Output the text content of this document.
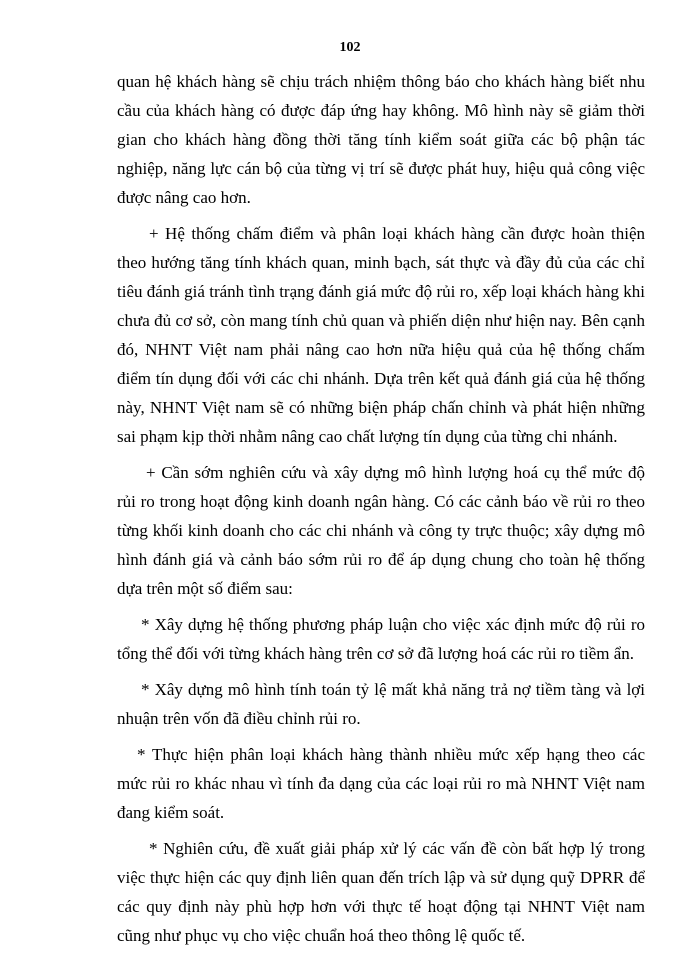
102

quan hệ khách hàng sẽ chịu trách nhiệm thông báo cho khách hàng biết nhu cầu của khách hàng có được đáp ứng hay không. Mô hình này sẽ giảm thời gian cho khách hàng đồng thời tăng tính kiểm soát giữa các bộ phận tác nghiệp, năng lực cán bộ của từng vị trí sẽ được phát huy, hiệu quả công việc được nâng cao hơn.

+ Hệ thống chấm điểm và phân loại khách hàng cần được hoàn thiện theo hướng tăng tính khách quan, minh bạch, sát thực và đầy đủ của các chỉ tiêu đánh giá tránh tình trạng đánh giá mức độ rủi ro, xếp loại khách hàng khi chưa đủ cơ sở, còn mang tính chủ quan và phiến diện như hiện nay. Bên cạnh đó, NHNT Việt nam phải nâng cao hơn nữa hiệu quả của hệ thống chấm điểm tín dụng đối với các chi nhánh. Dựa trên kết quả đánh giá của hệ thống này, NHNT Việt nam sẽ có những biện pháp chấn chỉnh và phát hiện những sai phạm kịp thời nhằm nâng cao chất lượng tín dụng của từng chi nhánh.

+ Cần sớm nghiên cứu và xây dựng mô hình lượng hoá cụ thể mức độ rủi ro trong hoạt động kinh doanh ngân hàng. Có các cảnh báo về rủi ro theo từng khối kinh doanh cho các chi nhánh và công ty trực thuộc; xây dựng mô hình đánh giá và cảnh báo sớm rủi ro để áp dụng chung cho toàn hệ thống dựa trên một số điểm sau:

* Xây dựng hệ thống phương pháp luận cho việc xác định mức độ rủi ro tổng thể đối với từng khách hàng trên cơ sở đã lượng hoá các rủi ro tiềm ẩn.

* Xây dựng mô hình tính toán tỷ lệ mất khả năng trả nợ tiềm tàng và lợi nhuận trên vốn đã điều chỉnh rủi ro.

* Thực hiện phân loại khách hàng thành nhiều mức xếp hạng theo các mức rủi ro khác nhau vì tính đa dạng của các loại rủi ro mà NHNT Việt nam đang kiểm soát.

* Nghiên cứu, đề xuất giải pháp xử lý các vấn đề còn bất hợp lý trong việc thực hiện các quy định liên quan đến trích lập và sử dụng quỹ DPRR để các quy định này phù hợp hơn với thực tế hoạt động tại NHNT Việt nam cũng như phục vụ cho việc chuẩn hoá theo thông lệ quốc tế.
